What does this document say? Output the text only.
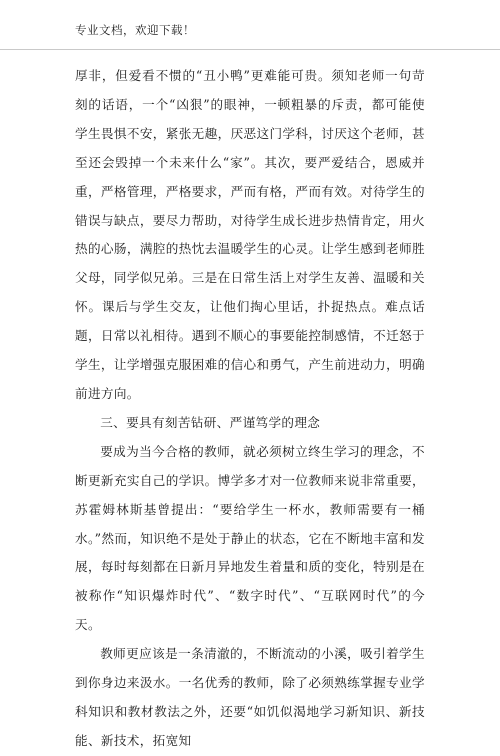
专业文档，欢迎下载！

厚非，但爱看不惯的“丑小鸭”更难能可贵。须知老师一句苛刻的话语，一个“凶狠”的眼神，一顿粗暴的斥责，都可能使学生畏惧不安，紧张无趣，厌恶这门学科，讨厌这个老师，甚至还会毁掉一个未来什么“家”。其次，要严爱结合，恩威并重，严格管理，严格要求，严而有格，严而有效。对待学生的错误与缺点，要尽力帮助，对待学生成长进步热情肯定，用火热的心肠，满腔的热忱去温暖学生的心灵。让学生感到老师胜父母，同学似兄弟。三是在日常生活上对学生友善、温暖和关怀。课后与学生交友，让他们掏心里话，扑捉热点。难点话题，日常以礼相待。遇到不顺心的事要能控制感情，不迁怒于学生，让学增强克服困难的信心和勇气，产生前进动力，明确前进方向。

三、要具有刻苦钻研、严谨笃学的理念

要成为当今合格的教师，就必须树立终生学习的理念，不断更新充实自己的学识。博学多才对一位教师来说非常重要，苏霍姆林斯基曾提出：“要给学生一杯水，教师需要有一桶水。”然而，知识绝不是处于静止的状态，它在不断地丰富和发展，每时每刻都在日新月异地发生着量和质的变化，特别是在被称作“知识爆炸时代”、“数字时代”、“互联网时代”的今天。

教师更应该是一条清澈的，不断流动的小溪，吸引着学生到你身边来汲水。一名优秀的教师，除了必须熟练掌握专业学科知识和教材教法之外，还要“如饥似渴地学习新知识、新技能、新技术，拓宽知
